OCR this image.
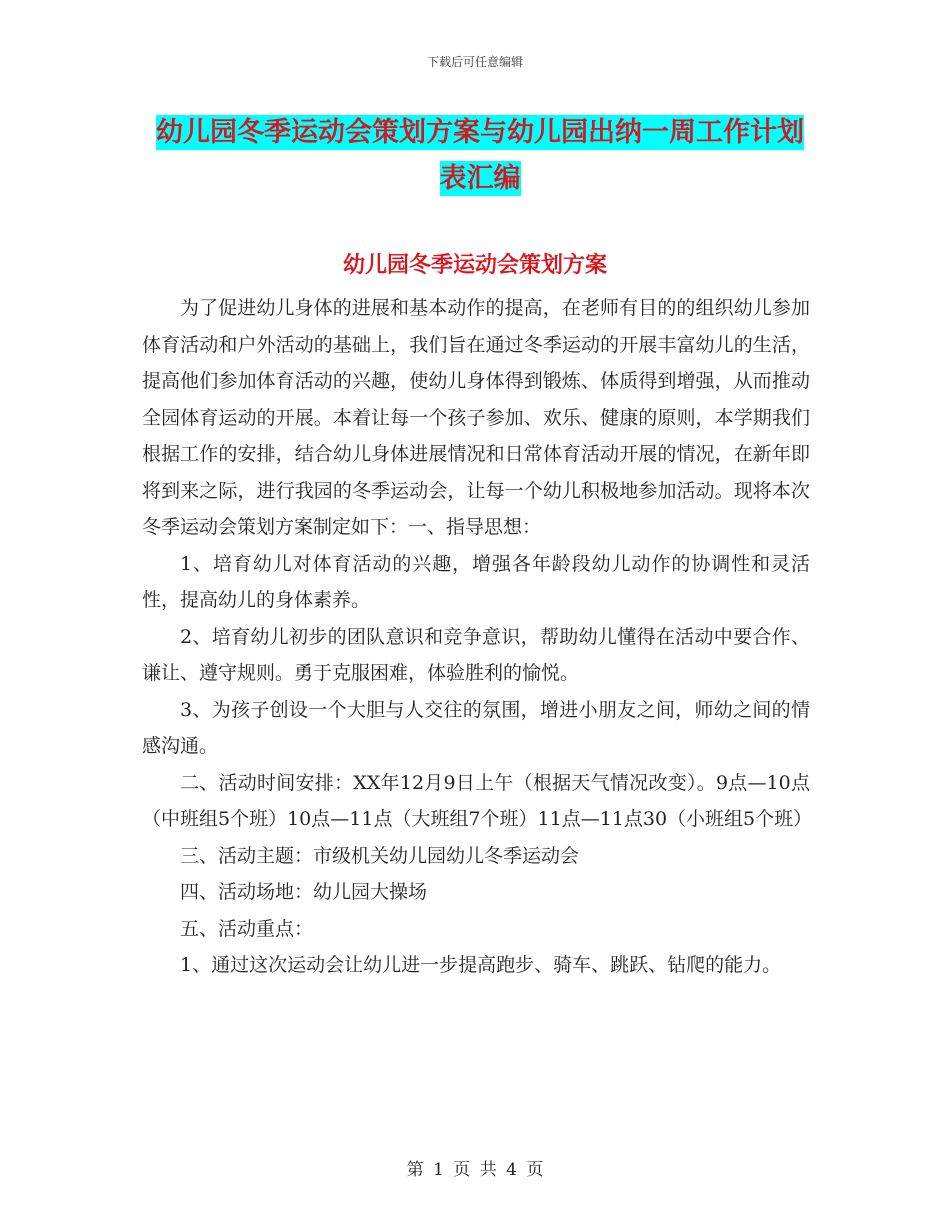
下载后可任意编辑
幼儿园冬季运动会策划方案与幼儿园出纳一周工作计划表汇编
幼儿园冬季运动会策划方案

为了促进幼儿身体的进展和基本动作的提高，在老师有目的的组织幼儿参加体育活动和户外活动的基础上，我们旨在通过冬季运动的开展丰富幼儿的生活，提高他们参加体育活动的兴趣，使幼儿身体得到锻炼、体质得到增强，从而推动全园体育运动的开展。本着让每一个孩子参加、欢乐、健康的原则，本学期我们根据工作的安排，结合幼儿身体进展情况和日常体育活动开展的情况，在新年即将到来之际，进行我园的冬季运动会，让每一个幼儿积极地参加活动。现将本次冬季运动会策划方案制定如下：一、指导思想：

1、培育幼儿对体育活动的兴趣，增强各年龄段幼儿动作的协调性和灵活性，提高幼儿的身体素养。

2、培育幼儿初步的团队意识和竞争意识，帮助幼儿懂得在活动中要合作、谦让、遵守规则。勇于克服困难，体验胜利的愉悦。

3、为孩子创设一个大胆与人交往的氛围，增进小朋友之间，师幼之间的情感沟通。

二、活动时间安排：XX年12月9日上午（根据天气情况改变）。9点—10点（中班组5个班）10点—11点（大班组7个班）11点—11点30（小班组5个班）

三、活动主题：市级机关幼儿园幼儿冬季运动会

四、活动场地：幼儿园大操场

五、活动重点：

1、通过这次运动会让幼儿进一步提高跑步、骑车、跳跃、钻爬的能力。

第 1 页 共 4 页
